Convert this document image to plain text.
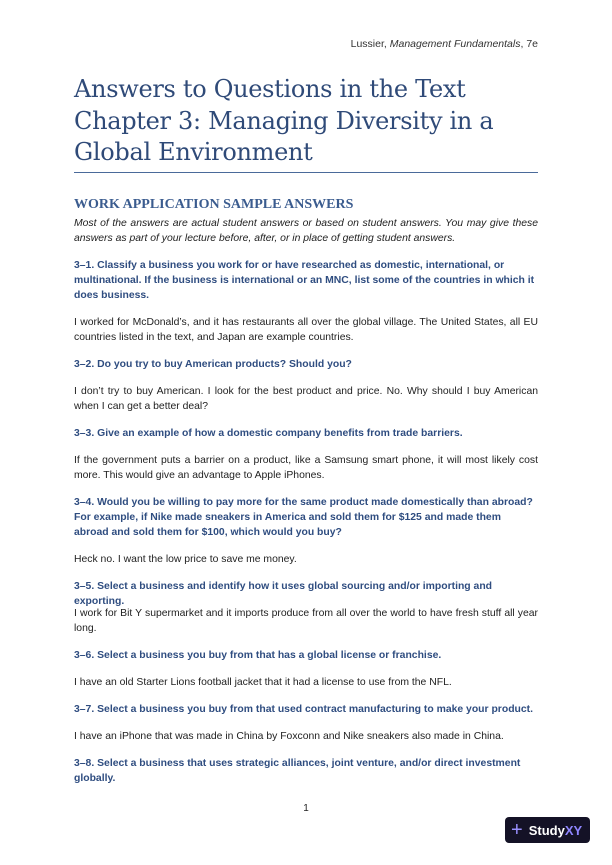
Lussier, Management Fundamentals, 7e
Answers to Questions in the Text Chapter 3: Managing Diversity in a Global Environment
WORK APPLICATION SAMPLE ANSWERS
Most of the answers are actual student answers or based on student answers. You may give these answers as part of your lecture before, after, or in place of getting student answers.
3–1. Classify a business you work for or have researched as domestic, international, or multinational. If the business is international or an MNC, list some of the countries in which it does business.
I worked for McDonald’s, and it has restaurants all over the global village. The United States, all EU countries listed in the text, and Japan are example countries.
3–2. Do you try to buy American products? Should you?
I don’t try to buy American. I look for the best product and price. No. Why should I buy American when I can get a better deal?
3–3. Give an example of how a domestic company benefits from trade barriers.
If the government puts a barrier on a product, like a Samsung smart phone, it will most likely cost more. This would give an advantage to Apple iPhones.
3–4. Would you be willing to pay more for the same product made domestically than abroad? For example, if Nike made sneakers in America and sold them for $125 and made them abroad and sold them for $100, which would you buy?
Heck no. I want the low price to save me money.
3–5. Select a business and identify how it uses global sourcing and/or importing and exporting.
I work for Bit Y supermarket and it imports produce from all over the world to have fresh stuff all year long.
3–6. Select a business you buy from that has a global license or franchise.
I have an old Starter Lions football jacket that it had a license to use from the NFL.
3–7. Select a business you buy from that used contract manufacturing to make your product.
I have an iPhone that was made in China by Foxconn and Nike sneakers also made in China.
3–8. Select a business that uses strategic alliances, joint venture, and/or direct investment globally.
1
+ StudyXY
